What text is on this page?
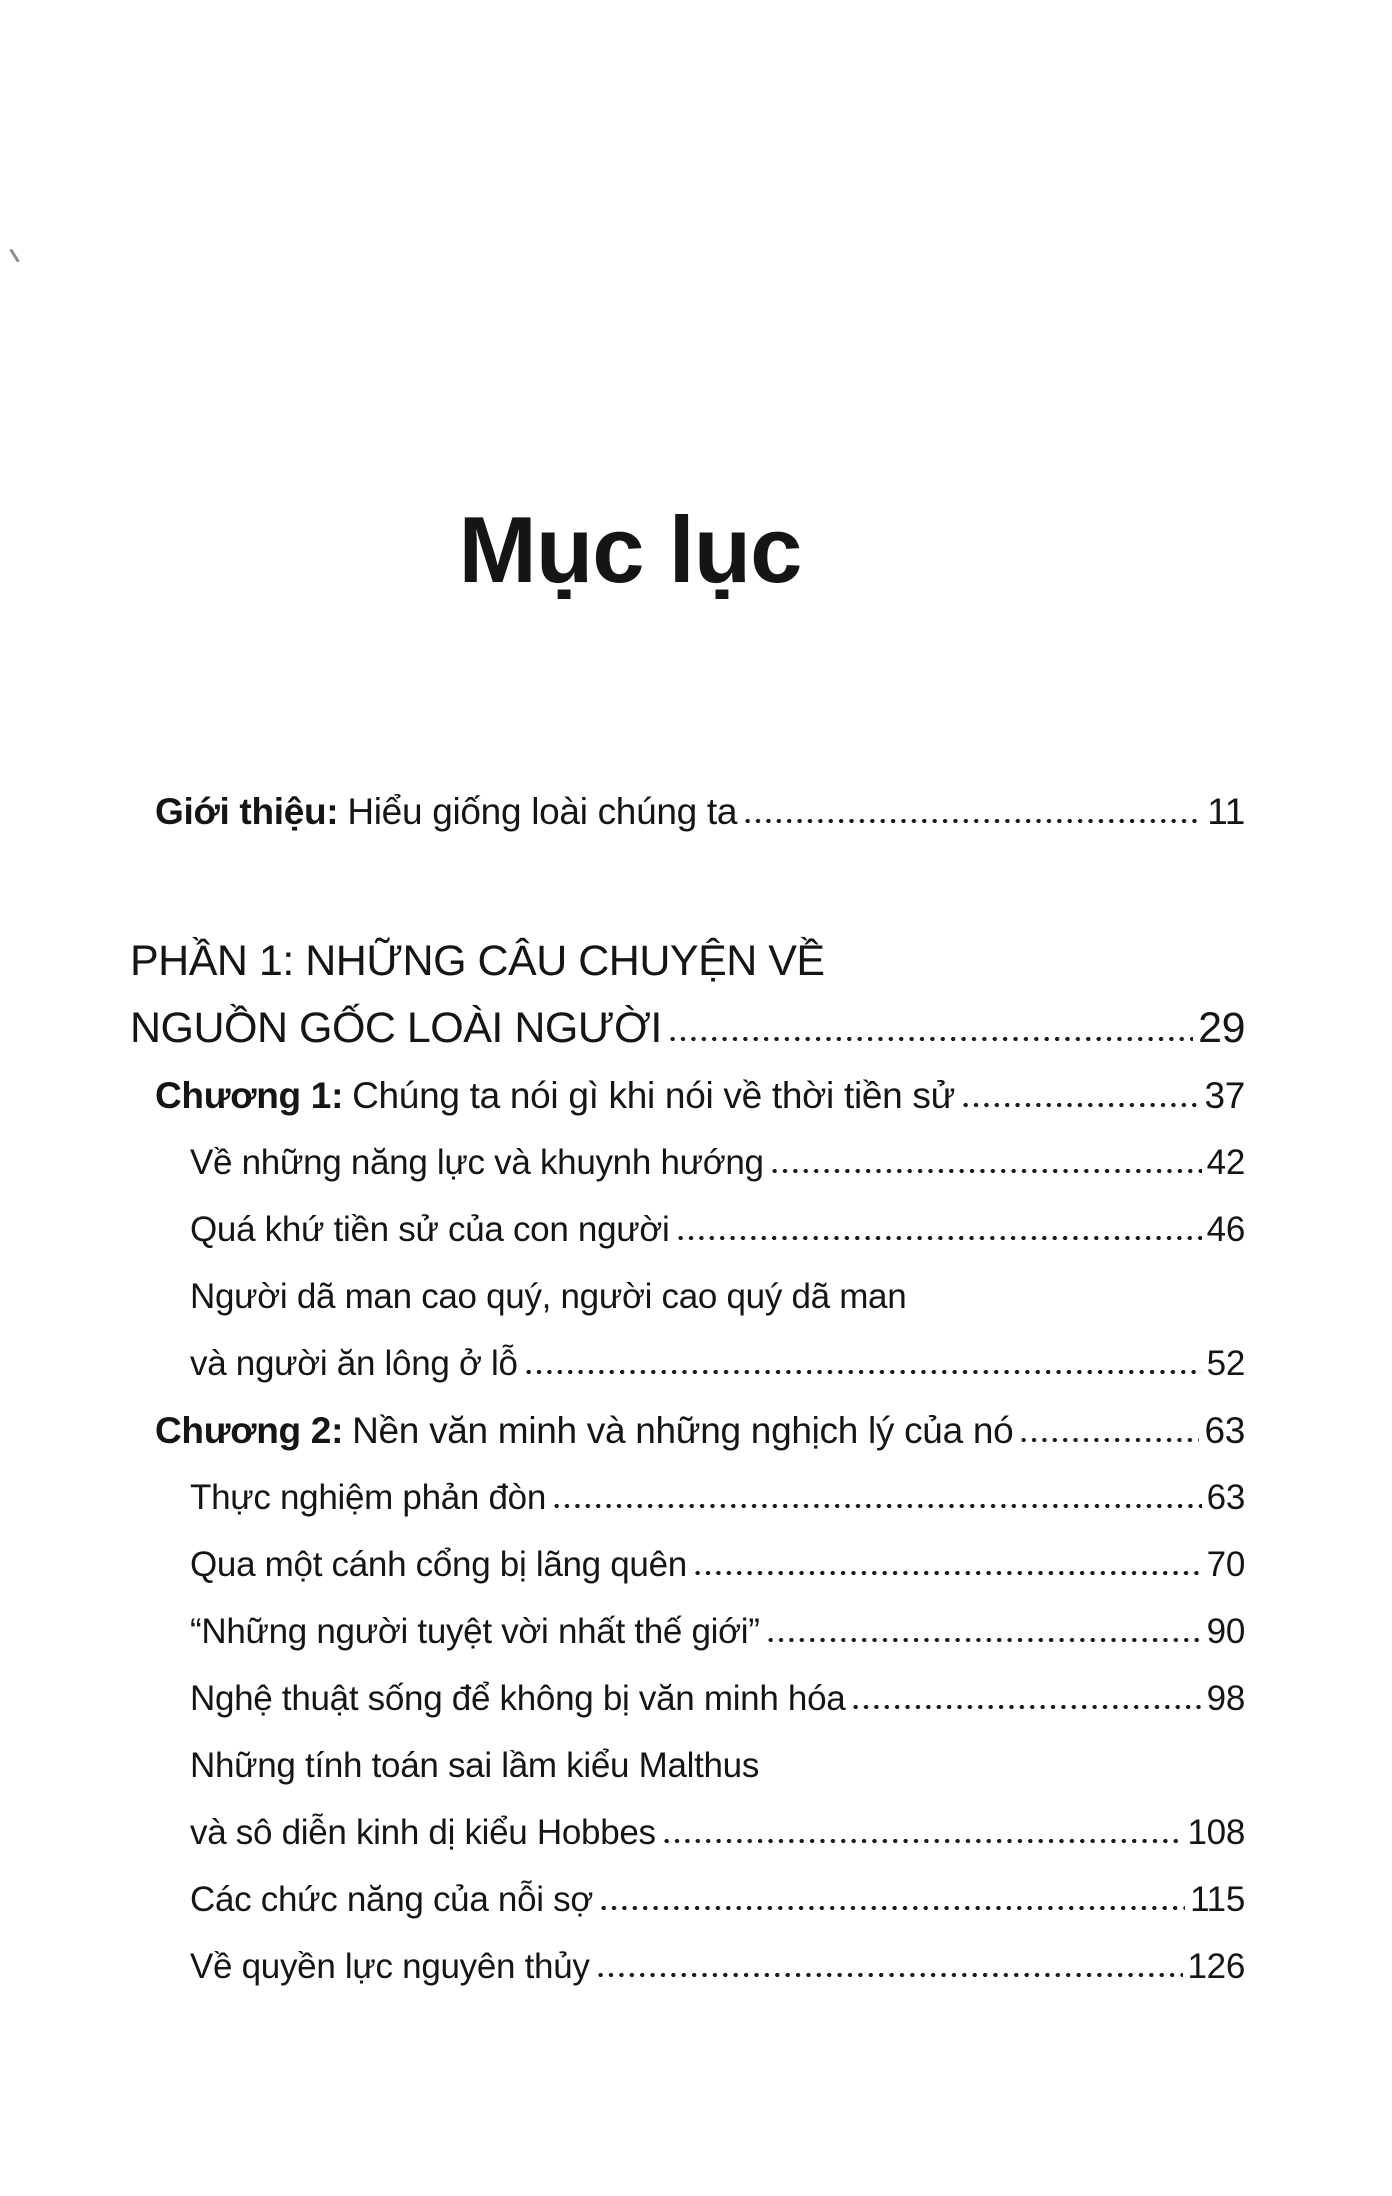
Mục lục
Giới thiệu: Hiểu giống loài chúng ta	11
PHẦN 1: NHỮNG CÂU CHUYỆN VỀ
NGUỒN GỐC LOÀI NGƯỜI	29
Chương 1: Chúng ta nói gì khi nói về thời tiền sử	37
Về những năng lực và khuynh hướng	42
Quá khứ tiền sử của con người	46
Người dã man cao quý, người cao quý dã man
và người ăn lông ở lỗ	52
Chương 2: Nền văn minh và những nghịch lý của nó	63
Thực nghiệm phản đòn	63
Qua một cánh cổng bị lãng quên	70
“Những người tuyệt vời nhất thế giới”	90
Nghệ thuật sống để không bị văn minh hóa	98
Những tính toán sai lầm kiểu Malthus
và sô diễn kinh dị kiểu Hobbes	108
Các chức năng của nỗi sợ	115
Về quyền lực nguyên thủy	126
